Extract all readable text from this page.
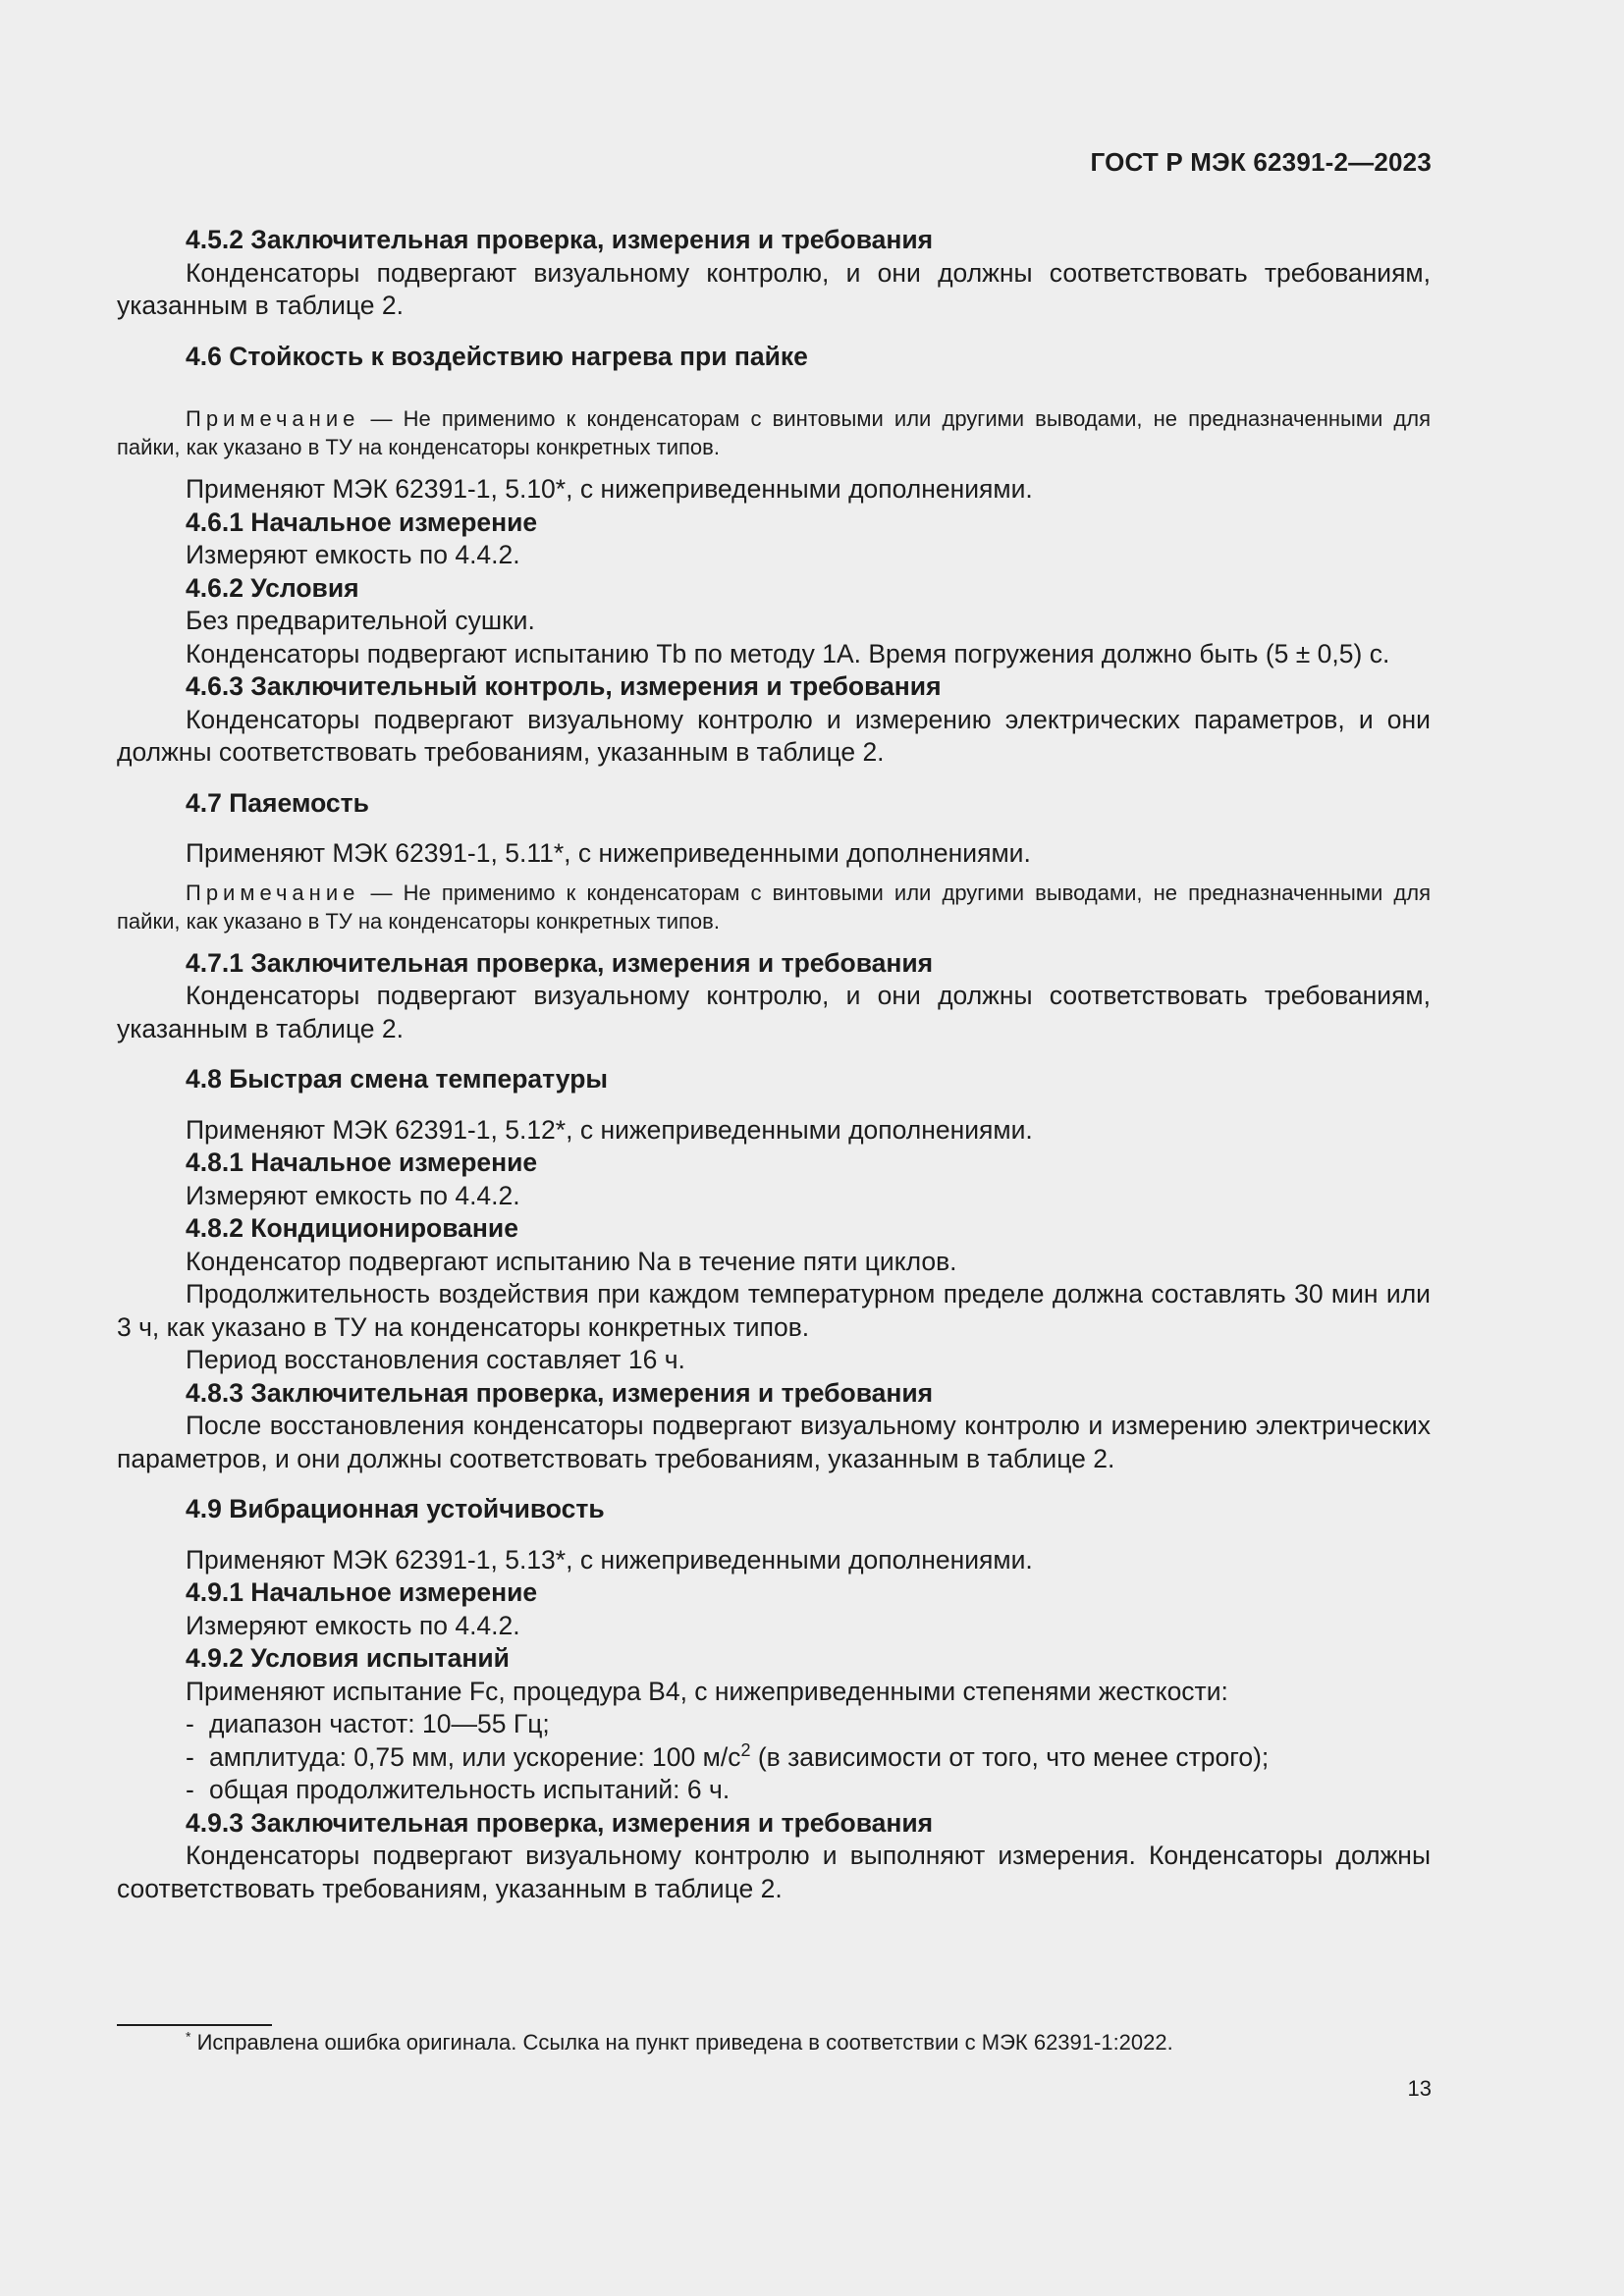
ГОСТ Р МЭК 62391-2—2023

4.5.2 Заключительная проверка, измерения и требования

Конденсаторы подвергают визуальному контролю, и они должны соответствовать требованиям, указанным в таблице 2.

4.6 Стойкость к воздействию нагрева при пайке

Примечание — Не применимо к конденсаторам с винтовыми или другими выводами, не предназначенными для пайки, как указано в ТУ на конденсаторы конкретных типов.

Применяют МЭК 62391-1, 5.10*, с нижеприведенными дополнениями.

4.6.1 Начальное измерение

Измеряют емкость по 4.4.2.

4.6.2 Условия

Без предварительной сушки.

Конденсаторы подвергают испытанию Tb по методу 1А. Время погружения должно быть (5 ± 0,5) с.

4.6.3 Заключительный контроль, измерения и требования

Конденсаторы подвергают визуальному контролю и измерению электрических параметров, и они должны соответствовать требованиям, указанным в таблице 2.

4.7 Паяемость

Применяют МЭК 62391-1, 5.11*, с нижеприведенными дополнениями.

Примечание — Не применимо к конденсаторам с винтовыми или другими выводами, не предназначенными для пайки, как указано в ТУ на конденсаторы конкретных типов.

4.7.1 Заключительная проверка, измерения и требования

Конденсаторы подвергают визуальному контролю, и они должны соответствовать требованиям, указанным в таблице 2.

4.8 Быстрая смена температуры

Применяют МЭК 62391-1, 5.12*, с нижеприведенными дополнениями.

4.8.1 Начальное измерение

Измеряют емкость по 4.4.2.

4.8.2 Кондиционирование

Конденсатор подвергают испытанию Na в течение пяти циклов.

Продолжительность воздействия при каждом температурном пределе должна составлять 30 мин или 3 ч, как указано в ТУ на конденсаторы конкретных типов.

Период восстановления составляет 16 ч.

4.8.3 Заключительная проверка, измерения и требования

После восстановления конденсаторы подвергают визуальному контролю и измерению электрических параметров, и они должны соответствовать требованиям, указанным в таблице 2.

4.9 Вибрационная устойчивость

Применяют МЭК 62391-1, 5.13*, с нижеприведенными дополнениями.

4.9.1 Начальное измерение

Измеряют емкость по 4.4.2.

4.9.2 Условия испытаний

Применяют испытание Fc, процедура B4, с нижеприведенными степенями жесткости:

- диапазон частот: 10—55 Гц;

- амплитуда: 0,75 мм, или ускорение: 100 $м/с^2$ (в зависимости от того, что менее строго);

- общая продолжительность испытаний: 6 ч.

4.9.3 Заключительная проверка, измерения и требования

Конденсаторы подвергают визуальному контролю и выполняют измерения. Конденсаторы должны соответствовать требованиям, указанным в таблице 2.

* Исправлена ошибка оригинала. Ссылка на пункт приведена в соответствии с МЭК 62391-1:2022.
13
